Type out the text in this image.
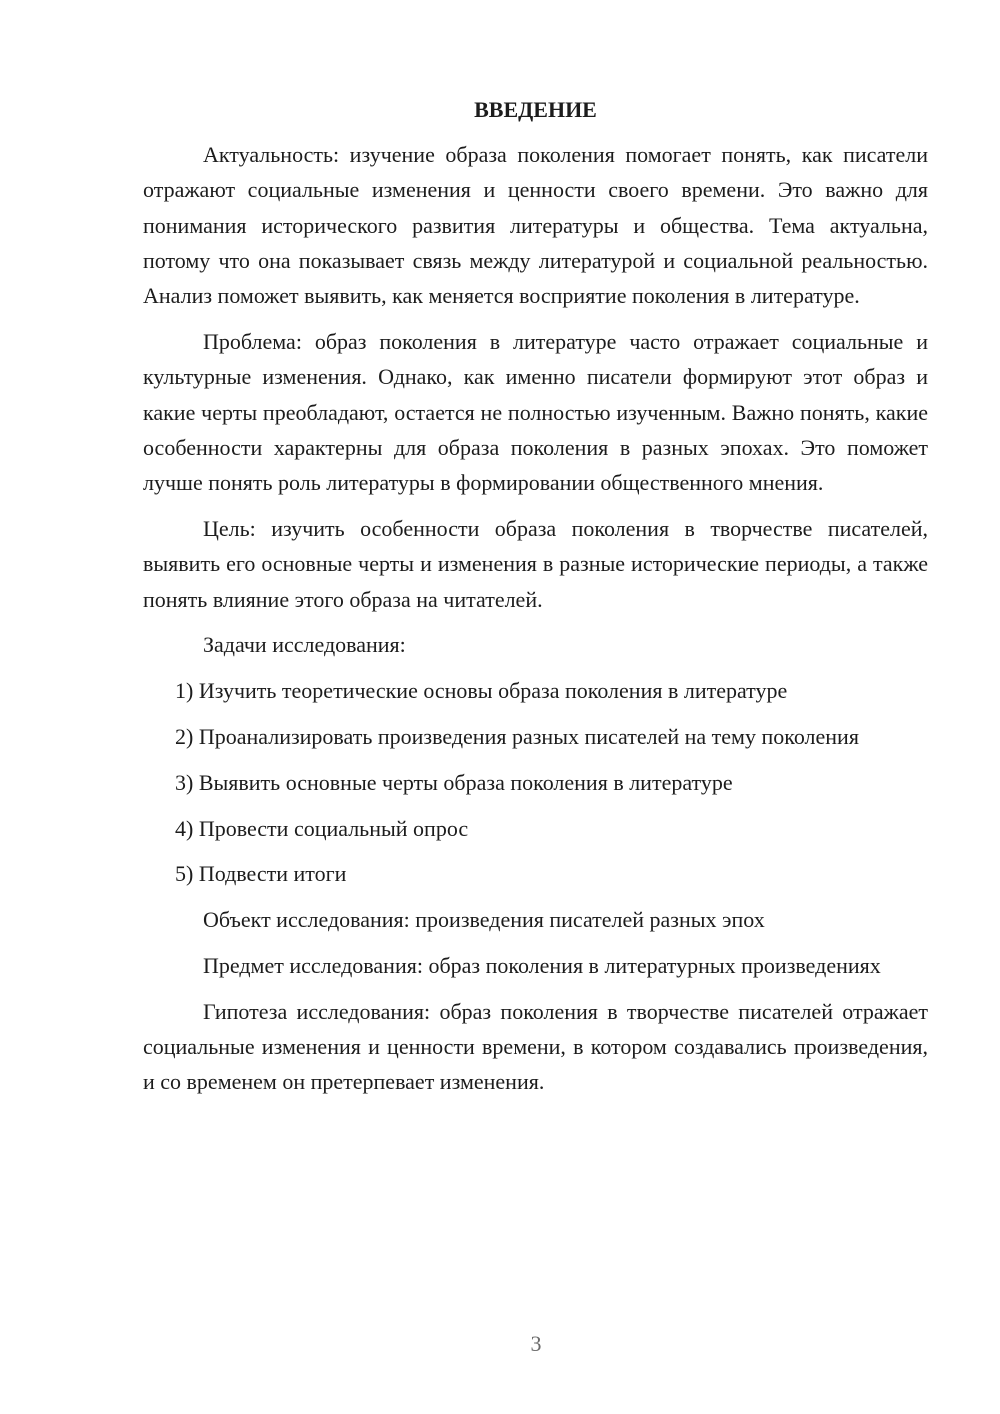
ВВЕДЕНИЕ

Актуальность: изучение образа поколения помогает понять, как писатели отражают социальные изменения и ценности своего времени. Это важно для понимания исторического развития литературы и общества. Тема актуальна, потому что она показывает связь между литературой и социальной реальностью. Анализ поможет выявить, как меняется восприятие поколения в литературе.

Проблема: образ поколения в литературе часто отражает социальные и культурные изменения. Однако, как именно писатели формируют этот образ и какие черты преобладают, остается не полностью изученным. Важно понять, какие особенности характерны для образа поколения в разных эпохах. Это поможет лучше понять роль литературы в формировании общественного мнения.

Цель: изучить особенности образа поколения в творчестве писателей, выявить его основные черты и изменения в разные исторические периоды, а также понять влияние этого образа на читателей.

Задачи исследования:

1) Изучить теоретические основы образа поколения в литературе

2) Проанализировать произведения разных писателей на тему поколения

3) Выявить основные черты образа поколения в литературе

4) Провести социальный опрос

5) Подвести итоги

Объект исследования: произведения писателей разных эпох

Предмет исследования: образ поколения в литературных произведениях

Гипотеза исследования: образ поколения в творчестве писателей отражает социальные изменения и ценности времени, в котором создавались произведения, и со временем он претерпевает изменения.

3
